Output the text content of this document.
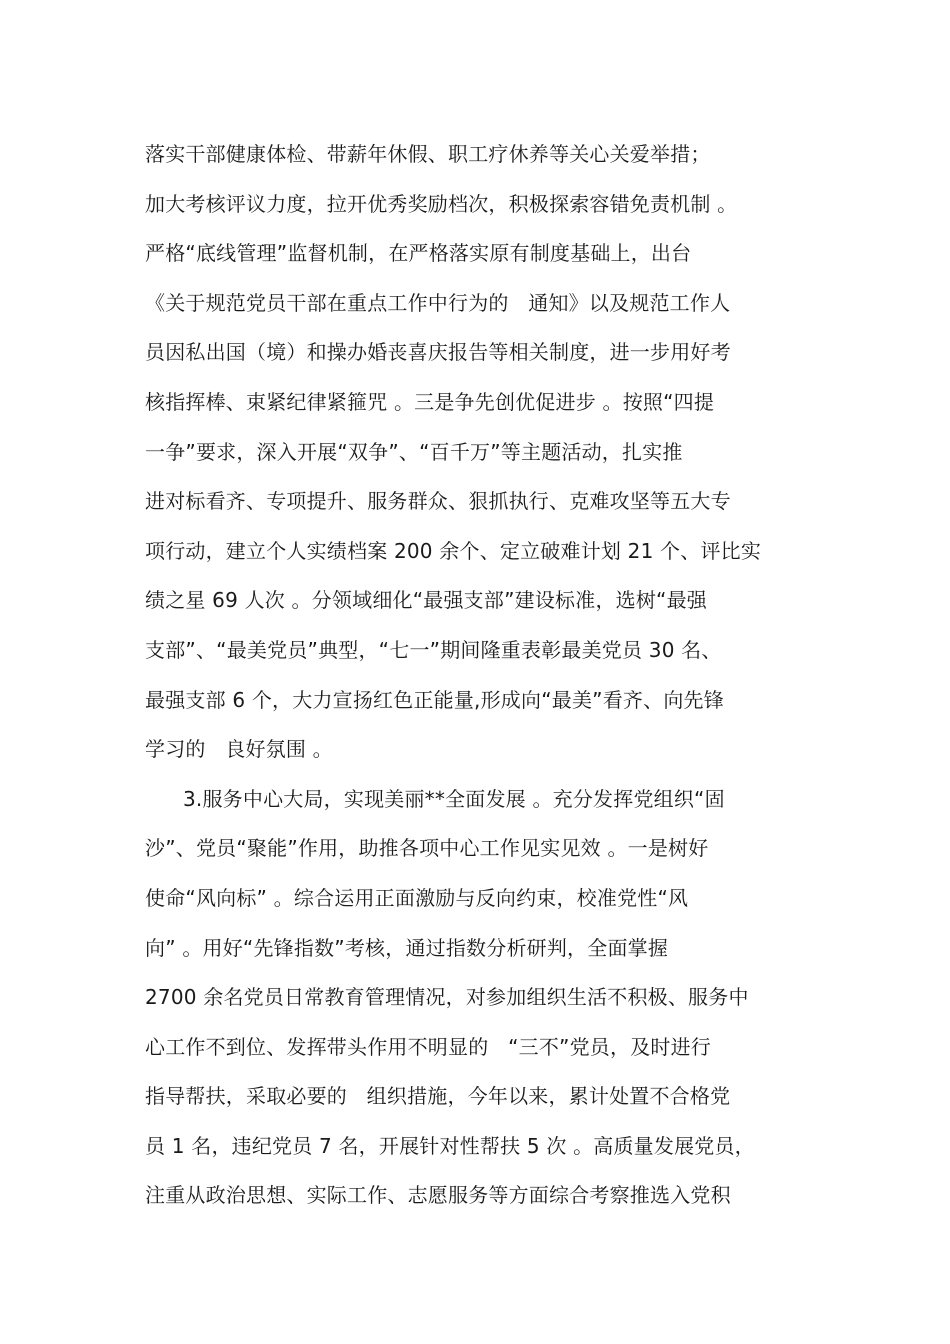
落实干部健康体检、带薪年休假、职工疗休养等关心关爱举措；
加大考核评议力度，拉开优秀奖励档次，积极探索容错免责机制 。
严格“底线管理”监督机制，在严格落实原有制度基础上，出台
《关于规范党员干部在重点工作中行为的   通知》以及规范工作人
员因私出国（境）和操办婚丧喜庆报告等相关制度，进一步用好考
核指挥棒、束紧纪律紧箍咒 。三是争先创优促进步 。按照“四提
一争”要求，深入开展“双争”、“百千万”等主题活动，扎实推
进对标看齐、专项提升、服务群众、狠抓执行、克难攻坚等五大专
项行动，建立个人实绩档案 200 余个、定立破难计划 21 个、评比实
绩之星 69 人次 。分领域细化“最强支部”建设标准，选树“最强
支部”、“最美党员”典型，“七一”期间隆重表彰最美党员 30 名、
最强支部 6 个，大力宣扬红色正能量,形成向“最美”看齐、向先锋
学习的   良好氛围 。
3.服务中心大局，实现美丽**全面发展 。充分发挥党组织“固
沙”、党员“聚能”作用，助推各项中心工作见实见效 。一是树好
使命“风向标” 。综合运用正面激励与反向约束，校准党性“风
向” 。用好“先锋指数”考核，通过指数分析研判，全面掌握
2700 余名党员日常教育管理情况，对参加组织生活不积极、服务中
心工作不到位、发挥带头作用不明显的   “三不”党员，及时进行
指导帮扶，采取必要的   组织措施，今年以来，累计处置不合格党
员 1 名，违纪党员 7 名，开展针对性帮扶 5 次 。高质量发展党员，
注重从政治思想、实际工作、志愿服务等方面综合考察推选入党积
